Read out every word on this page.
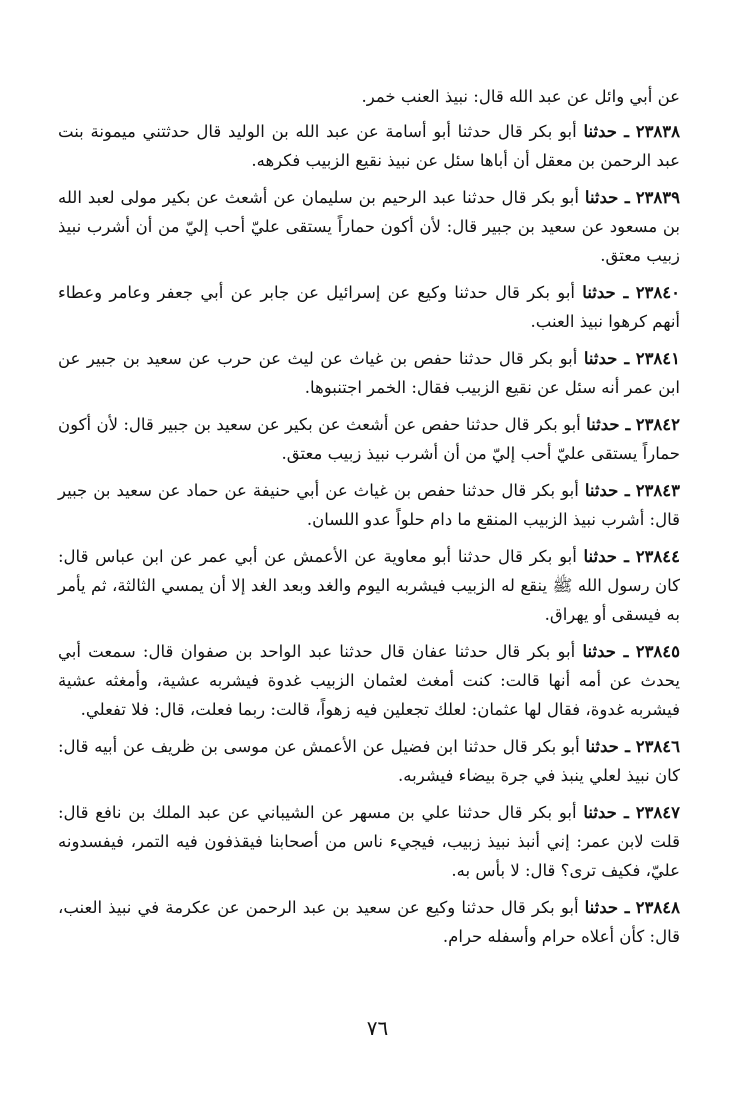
عن أبي وائل عن عبد الله قال: نبيذ العنب خمر.

٢٣٨٣٨ ـ حدثنا أبو بكر قال حدثنا أبو أسامة عن عبد الله بن الوليد قال حدثتني ميمونة بنت عبد الرحمن بن معقل أن أباها سئل عن نبيذ نقيع الزبيب فكرهه.

٢٣٨٣٩ ـ حدثنا أبو بكر قال حدثنا عبد الرحيم بن سليمان عن أشعث عن بكير مولى لعبد الله بن مسعود عن سعيد بن جبير قال: لأن أكون حماراً يستقى عليّ أحب إليّ من أن أشرب نبيذ زبيب معتق.

٢٣٨٤٠ ـ حدثنا أبو بكر قال حدثنا وكيع عن إسرائيل عن جابر عن أبي جعفر وعامر وعطاء أنهم كرهوا نبيذ العنب.

٢٣٨٤١ ـ حدثنا أبو بكر قال حدثنا حفص بن غياث عن ليث عن حرب عن سعيد بن جبير عن ابن عمر أنه سئل عن نقيع الزبيب فقال: الخمر اجتنبوها.

٢٣٨٤٢ ـ حدثنا أبو بكر قال حدثنا حفص عن أشعث عن بكير عن سعيد بن جبير قال: لأن أكون حماراً يستقى عليّ أحب إليّ من أن أشرب نبيذ زبيب معتق.

٢٣٨٤٣ ـ حدثنا أبو بكر قال حدثنا حفص بن غياث عن أبي حنيفة عن حماد عن سعيد بن جبير قال: أشرب نبيذ الزبيب المنقع ما دام حلواً عدو اللسان.

٢٣٨٤٤ ـ حدثنا أبو بكر قال حدثنا أبو معاوية عن الأعمش عن أبي عمر عن ابن عباس قال: كان رسول الله ﷺ ينقع له الزبيب فيشربه اليوم والغد وبعد الغد إلا أن يمسي الثالثة، ثم يأمر به فيسقى أو يهراق.

٢٣٨٤٥ ـ حدثنا أبو بكر قال حدثنا عفان قال حدثنا عبد الواحد بن صفوان قال: سمعت أبي يحدث عن أمه أنها قالت: كنت أمغث لعثمان الزبيب غدوة فيشربه عشية، وأمغثه عشية فيشربه غدوة، فقال لها عثمان: لعلك تجعلين فيه زهواً، قالت: ربما فعلت، قال: فلا تفعلي.

٢٣٨٤٦ ـ حدثنا أبو بكر قال حدثنا ابن فضيل عن الأعمش عن موسى بن ظريف عن أبيه قال: كان نبيذ لعلي ينبذ في جرة بيضاء فيشربه.

٢٣٨٤٧ ـ حدثنا أبو بكر قال حدثنا علي بن مسهر عن الشيباني عن عبد الملك بن نافع قال: قلت لابن عمر: إني أنبذ نبيذ زبيب، فيجيء ناس من أصحابنا فيقذفون فيه التمر، فيفسدونه عليّ، فكيف ترى؟ قال: لا بأس به.

٢٣٨٤٨ ـ حدثنا أبو بكر قال حدثنا وكيع عن سعيد بن عبد الرحمن عن عكرمة في نبيذ العنب، قال: كأن أعلاه حرام وأسفله حرام.

٧٦
